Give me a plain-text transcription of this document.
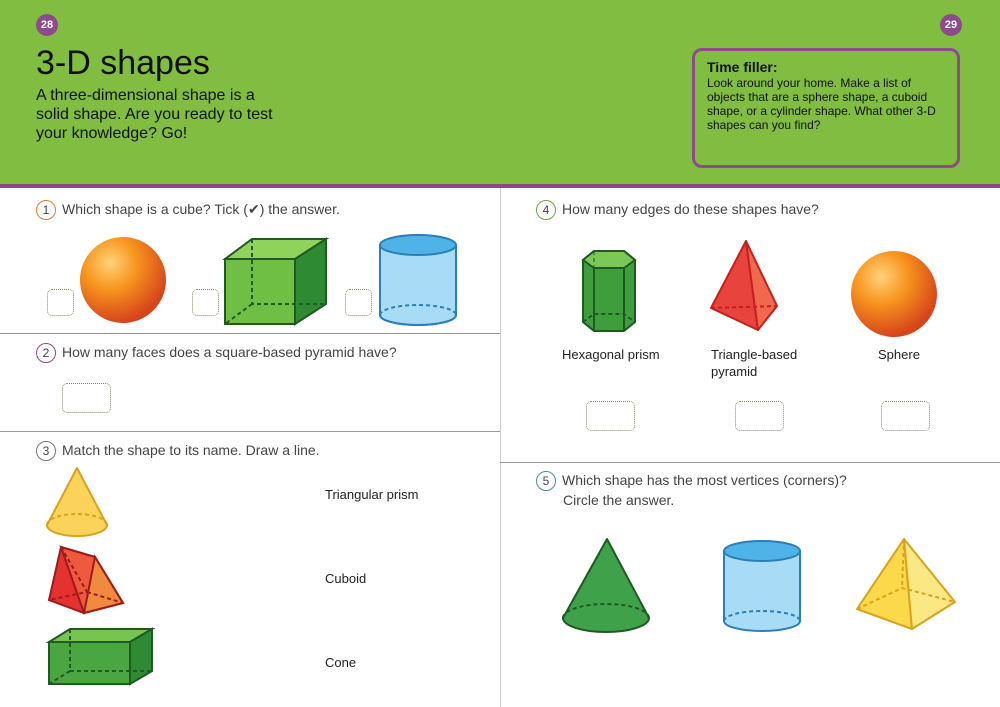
28	29
3-D shapes
A three-dimensional shape is a solid shape. Are you ready to test your knowledge? Go!
Time filler:
Look around your home. Make a list of objects that are a sphere shape, a cuboid shape, or a cylinder shape. What other 3-D shapes can you find?
1 Which shape is a cube? Tick (✔) the answer.
2 How many faces does a square-based pyramid have?
3 Match the shape to its name. Draw a line.
Triangular prism
Cuboid
Cone
4 How many edges do these shapes have?
Hexagonal prism	Triangle-based pyramid
Sphere
5 Which shape has the most vertices (corners)?
Circle the answer.
